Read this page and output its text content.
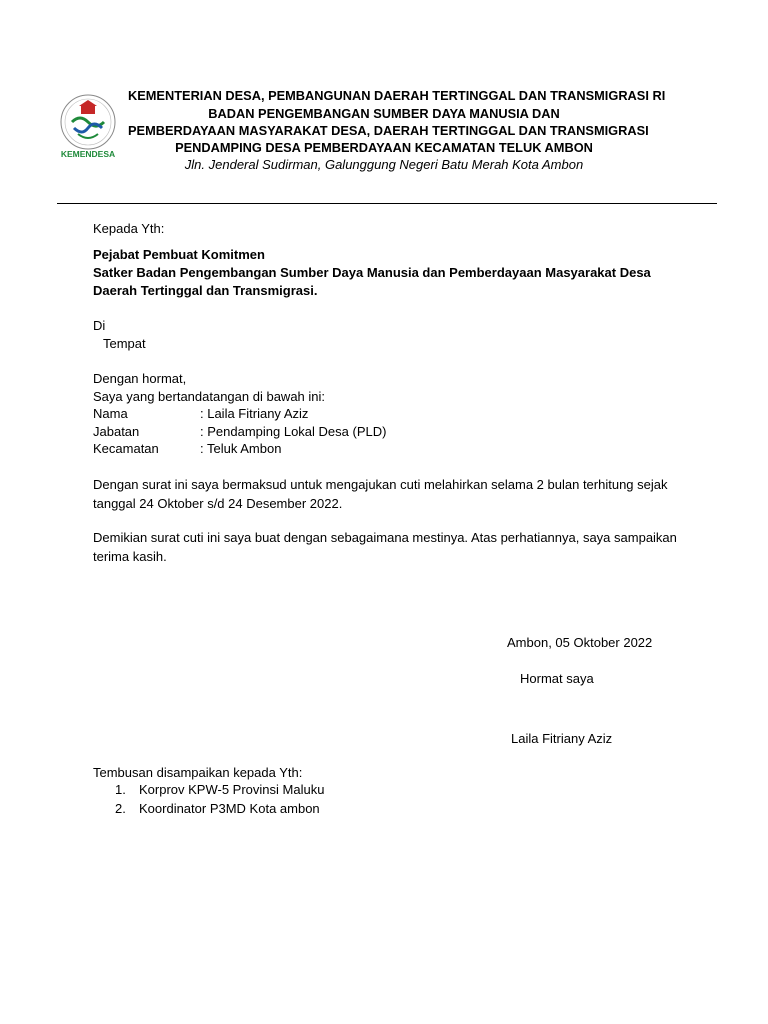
KEMENDESA
KEMENTERIAN DESA, PEMBANGUNAN DAERAH TERTINGGAL DAN TRANSMIGRASI RI
BADAN PENGEMBANGAN SUMBER DAYA MANUSIA DAN
PEMBERDAYAAN MASYARAKAT DESA, DAERAH TERTINGGAL DAN TRANSMIGRASI
PENDAMPING DESA PEMBERDAYAAN KECAMATAN TELUK AMBON
Jln. Jenderal Sudirman, Galunggung Negeri Batu Merah Kota Ambon
Kepada Yth:
Pejabat Pembuat Komitmen
Satker Badan Pengembangan Sumber Daya Manusia dan Pemberdayaan Masyarakat Desa
Daerah Tertinggal dan Transmigrasi.
Di
Tempat
Dengan hormat,
Saya yang bertandatangan di bawah ini:
Nama	: Laila Fitriany Aziz
Jabatan	: Pendamping Lokal Desa (PLD)
Kecamatan	: Teluk Ambon
Dengan surat ini saya bermaksud untuk mengajukan cuti melahirkan selama 2 bulan terhitung sejak tanggal 24 Oktober s/d 24 Desember 2022.
Demikian surat cuti ini saya buat dengan sebagaimana mestinya. Atas perhatiannya, saya sampaikan terima kasih.
Ambon, 05 Oktober 2022
Hormat saya
Laila Fitriany Aziz
Tembusan disampaikan kepada Yth:
1. Korprov KPW-5 Provinsi Maluku
2. Koordinator P3MD Kota ambon
